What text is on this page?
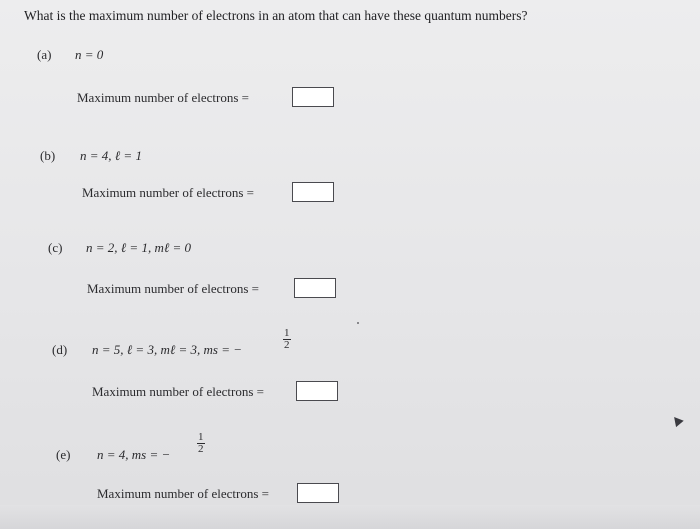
What is the maximum number of electrons in an atom that can have these quantum numbers?
(a) n = 0
Maximum number of electrons =
(b) n = 4, ℓ = 1
Maximum number of electrons =
(c) n = 2, ℓ = 1, mℓ = 0
Maximum number of electrons =
(d) n = 5, ℓ = 3, mℓ = 3, ms = −	$\frac{1}{2}$
Maximum number of electrons =
(e) n = 4, ms = − $\frac{1}{2}$
Maximum number of electrons =
